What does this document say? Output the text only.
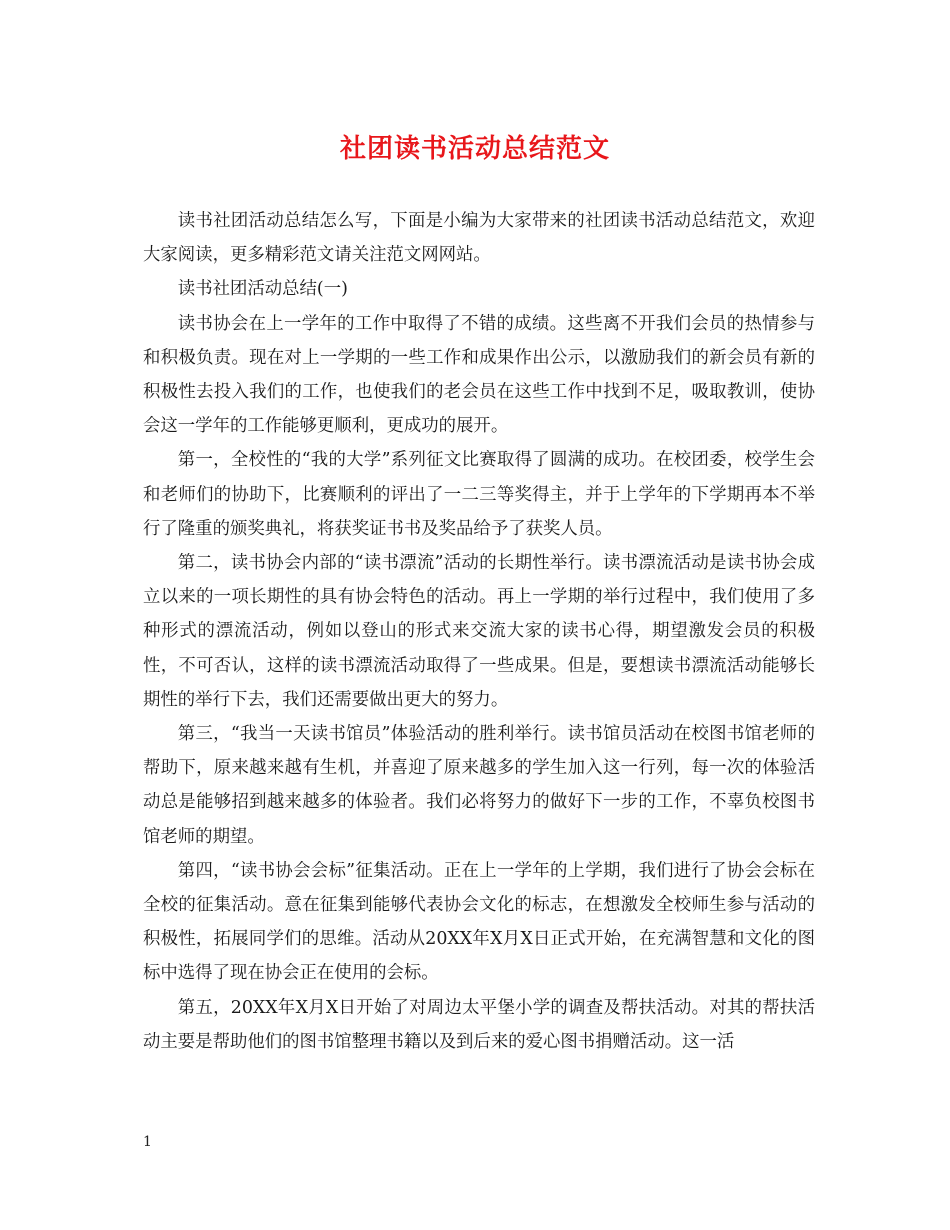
社团读书活动总结范文

读书社团活动总结怎么写，下面是小编为大家带来的社团读书活动总结范文，欢迎大家阅读，更多精彩范文请关注范文网网站。

读书社团活动总结(一)

读书协会在上一学年的工作中取得了不错的成绩。这些离不开我们会员的热情参与和积极负责。现在对上一学期的一些工作和成果作出公示，以激励我们的新会员有新的积极性去投入我们的工作，也使我们的老会员在这些工作中找到不足，吸取教训，使协会这一学年的工作能够更顺利，更成功的展开。

第一，全校性的“我的大学”系列征文比赛取得了圆满的成功。在校团委，校学生会和老师们的协助下，比赛顺利的评出了一二三等奖得主，并于上学年的下学期再本不举行了隆重的颁奖典礼，将获奖证书书及奖品给予了获奖人员。

第二，读书协会内部的“读书漂流”活动的长期性举行。读书漂流活动是读书协会成立以来的一项长期性的具有协会特色的活动。再上一学期的举行过程中，我们使用了多种形式的漂流活动，例如以登山的形式来交流大家的读书心得，期望激发会员的积极性，不可否认，这样的读书漂流活动取得了一些成果。但是，要想读书漂流活动能够长期性的举行下去，我们还需要做出更大的努力。

第三，“我当一天读书馆员”体验活动的胜利举行。读书馆员活动在校图书馆老师的帮助下，原来越来越有生机，并喜迎了原来越多的学生加入这一行列，每一次的体验活动总是能够招到越来越多的体验者。我们必将努力的做好下一步的工作，不辜负校图书馆老师的期望。

第四，“读书协会会标”征集活动。正在上一学年的上学期，我们进行了协会会标在全校的征集活动。意在征集到能够代表协会文化的标志，在想激发全校师生参与活动的积极性，拓展同学们的思维。活动从20XX年X月X日正式开始，在充满智慧和文化的图标中选得了现在协会正在使用的会标。

第五，20XX年X月X日开始了对周边太平堡小学的调查及帮扶活动。对其的帮扶活动主要是帮助他们的图书馆整理书籍以及到后来的爱心图书捐赠活动。这一活

1
